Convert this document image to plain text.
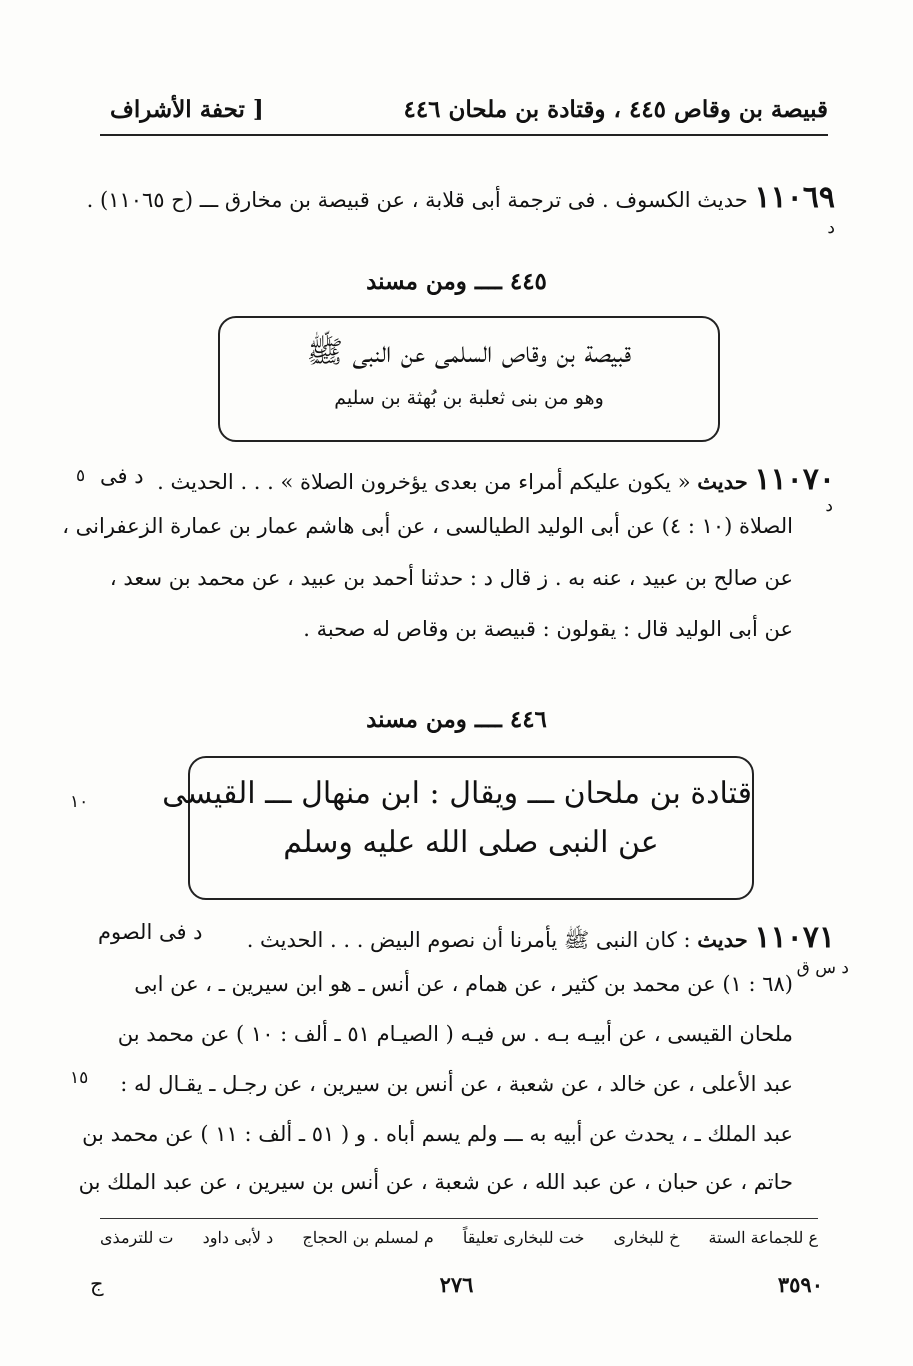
قبيصة بن وقاص ٤٤٥ ، وقتادة بن ملحان ٤٤٦
[ تحفة الأشراف
١١٠٦٩ حديث الكسوف . فى ترجمة أبى قلابة ، عن قبيصة بن مخارق ـــ (ح ١١٠٦٥) .
د
٤٤٥ ــــ ومن مسند
قبيصة بن وقاص السلمى عن النبى ﷺ
وهو من بنى ثعلبة بن بُهثة بن سليم
١١٠٧٠ حديث « يكون عليكم أمراء من بعدى يؤخرون الصلاة » . . . الحديث .
د فى
٥
د
الصلاة (١٠ : ٤) عن أبى الوليد الطيالسى ، عن أبى هاشم عمار بن عمارة الزعفرانى ،
عن صالح بن عبيد ، عنه به . ز قال د : حدثنا أحمد بن عبيد ، عن محمد بن سعد ،
عن أبى الوليد قال : يقولون : قبيصة بن وقاص له صحبة .
٤٤٦ ــــ ومن مسند
قتادة بن ملحان ـــ ويقال : ابن منهال ـــ القيسى
عن النبى صلى الله عليه وسلم
١٠
١١٠٧١ حديث : كان النبى ﷺ يأمرنا أن نصوم البيض . . . الحديث .
د فى الصوم
د س ق
(٦٨ : ١) عن محمد بن كثير ، عن همام ، عن أنس ـ هو ابن سيرين ـ ، عن ابى
ملحان القيسى ، عن أبيـه بـه . س فيـه ( الصيـام ٥١ ـ ألف : ١٠ ) عن محمد بن
عبد الأعلى ، عن خالد ، عن شعبة ، عن أنس بن سيرين ، عن رجـل ـ يقـال له :
١٥
عبد الملك ـ ، يحدث عن أبيه به ـــ ولم يسم أباه . و ( ٥١ ـ ألف : ١١ ) عن محمد بن
حاتم ، عن حبان ، عن عبد الله ، عن شعبة ، عن أنس بن سيرين ، عن عبد الملك بن
ع للجماعة الستة
خ للبخارى
خت للبخارى تعليقاً
م لمسلم بن الحجاج
د لأبى داود
ت للترمذى
٣٥٩٠
٢٧٦
ج
